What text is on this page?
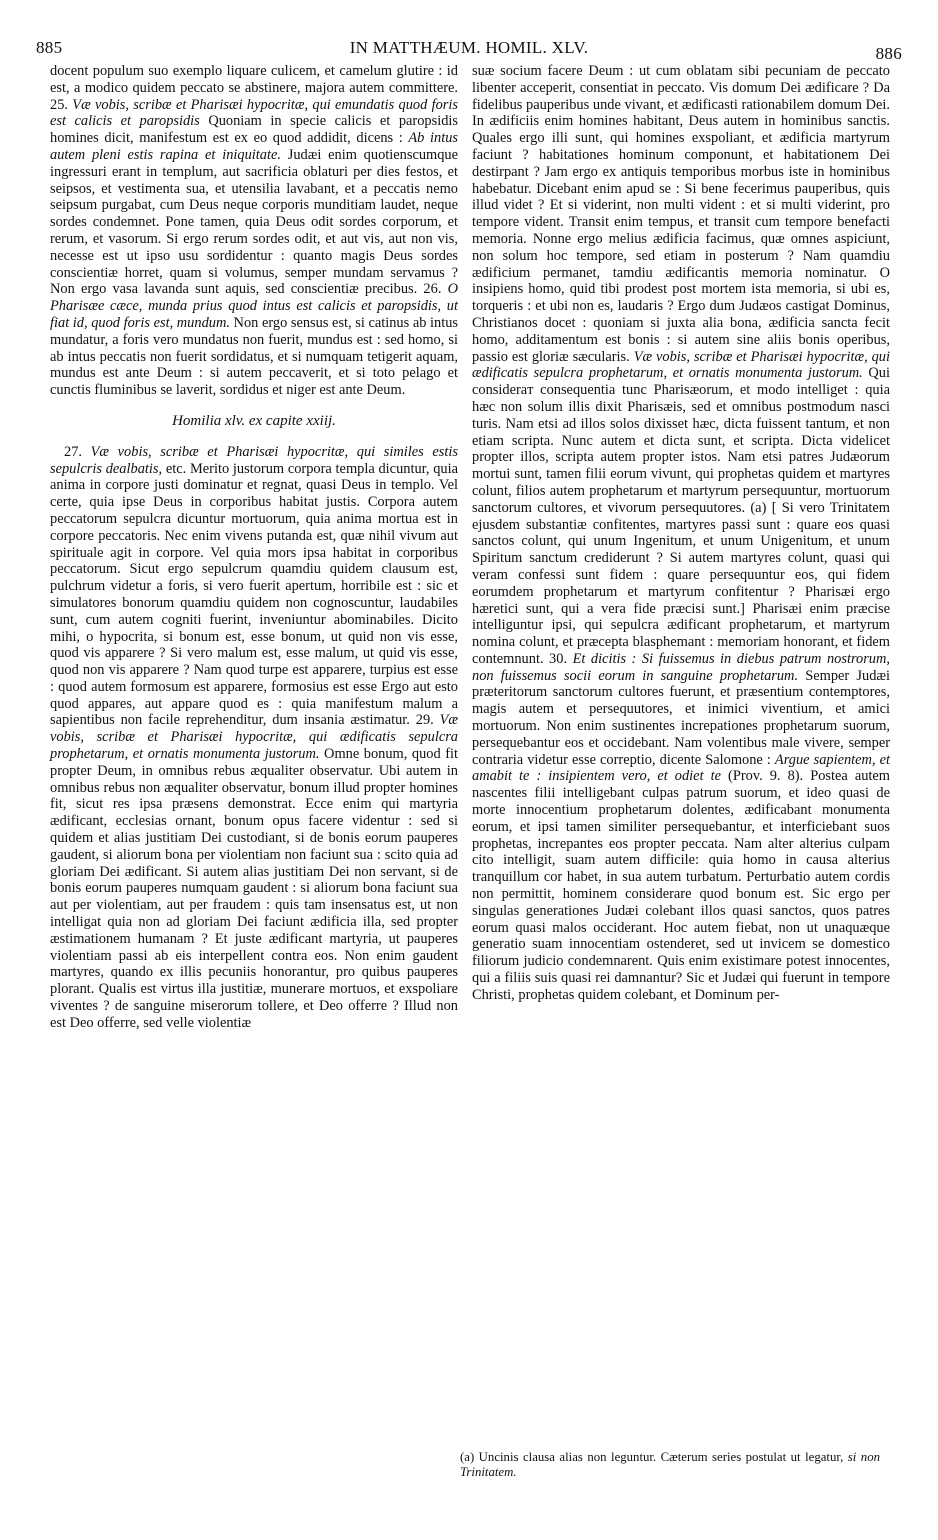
885	IN MATTHÆUM. HOMIL. XLV.	886

docent populum suo exemplo liquare culicem, et camelum glutire : id est, a modico quidem peccato se abstinere, majora autem committere. 25. Væ vobis, scribæ et Pharisæi hypocritæ, qui emundatis quod foris est calicis et paropsidis Quoniam in specie calicis et paropsidis homines dicit, manifestum est ex eo quod addidit, dicens : Ab intus autem pleni estis rapina et iniquitate. Judæi enim quotienscumque ingressuri erant in templum, aut sacrificia oblaturi per dies festos, et seipsos, et vestimenta sua, et utensilia lavabant, et a peccatis nemo seipsum purgabat, cum Deus neque corporis munditiam laudet, neque sordes condemnet. Pone tamen, quia Deus odit sordes corporum, et rerum, et vasorum. Si ergo rerum sordes odit, et aut vis, aut non vis, necesse est ut ipso usu sordidentur : quanto magis Deus sordes conscientiæ horret, quam si volumus, semper mundam servamus ? Non ergo vasa lavanda sunt aquis, sed conscientiæ precibus. 26. O Pharisæe cæce, munda prius quod intus est calicis et paropsidis, ut fiat id, quod foris est, mundum. Non ergo sensus est, si catinus ab intus mundatur, a foris vero mundatus non fuerit, mundus est : sed homo, si ab intus peccatis non fuerit sordidatus, et si numquam tetigerit aquam, mundus est ante Deum : si autem peccaverit, et si toto pelago et cunctis fluminibus se laverit, sordidus et niger est ante Deum.

Homilia xlv. ex capite xxiij.

27. Væ vobis, scribæ et Pharisæi hypocritæ, qui similes estis sepulcris dealbatis, etc. Merito justorum corpora templa dicuntur, quia anima in corpore justi dominatur et regnat, quasi Deus in templo. Vel certe, quia ipse Deus in corporibus habitat justis. Corpora autem peccatorum sepulcra dicuntur mortuorum, quia anima mortua est in corpore peccatoris. Nec enim vivens putanda est, quæ nihil vivum aut spirituale agit in corpore. Vel quia mors ipsa habitat in corporibus peccatorum. Sicut ergo sepulcrum quamdiu quidem clausum est, pulchrum videtur a foris, si vero fuerit apertum, horribile est : sic et simulatores bonorum quamdiu quidem non cognoscuntur, laudabiles sunt, cum autem cogniti fuerint, inveniuntur abominabiles. Dicito mihi, o hypocrita, si bonum est, esse bonum, ut quid non vis esse, quod vis apparere ? Si vero malum est, esse malum, ut quid vis esse, quod non vis apparere ? Nam quod turpe est apparere, turpius est esse : quod autem formosum est apparere, formosius est esse Ergo aut esto quod appares, aut appare quod es : quia manifestum malum a sapientibus non facile reprehenditur, dum insania æstimatur. 29. Væ vobis, scribæ et Pharisæi hypocritæ, qui ædificatis sepulcra prophetarum, et ornatis monumenta justorum. Omne bonum, quod fit propter Deum, in omnibus rebus æqualiter observatur. Ubi autem in omnibus rebus non æqualiter observatur, bonum illud propter homines fit, sicut res ipsa præsens demonstrat. Ecce enim qui martyria ædificant, ecclesias ornant, bonum opus facere videntur : sed si quidem et alias justitiam Dei custodiant, si de bonis eorum pauperes gaudent, si aliorum bona per violentiam non faciunt sua : scito quia ad gloriam Dei ædificant. Si autem alias justitiam Dei non servant, si de bonis eorum pauperes numquam gaudent : si aliorum bona faciunt sua aut per violentiam, aut per fraudem : quis tam insensatus est, ut non intelligat quia non ad gloriam Dei faciunt ædificia illa, sed propter æstimationem humanam ? Et juste ædificant martyria, ut pauperes violentiam passi ab eis interpellent contra eos. Non enim gaudent martyres, quando ex illis pecuniis honorantur, pro quibus pauperes plorant. Qualis est virtus illa justitiæ, munerare mortuos, et exspoliare viventes ? de sanguine miserorum tollere, et Deo offerre ? Illud non est Deo offerre, sed velle violentiæ

suæ socium facere Deum : ut cum oblatam sibi pecuniam de peccato libenter acceperit, consentiat in peccato. Vis domum Dei ædificare ? Da fidelibus pauperibus unde vivant, et ædificasti rationabilem domum Dei. In ædificiis enim homines habitant, Deus autem in hominibus sanctis. Quales ergo illi sunt, qui homines exspoliant, et ædificia martyrum faciunt ? habitationes hominum componunt, et habitationem Dei destirpant ? Jam ergo ex antiquis temporibus morbus iste in hominibus habebatur. Dicebant enim apud se : Si bene fecerimus pauperibus, quis illud videt ? Et si viderint, non multi vident : et si multi viderint, pro tempore vident. Transit enim tempus, et transit cum tempore benefacti memoria. Nonne ergo melius ædificia facimus, quæ omnes aspiciunt, non solum hoc tempore, sed etiam in posterum ? Nam quamdiu ædificium permanet, tamdiu ædificantis memoria nominatur. O insipiens homo, quid tibi prodest post mortem ista memoria, si ubi es, torqueris : et ubi non es, laudaris ? Ergo dum Judæos castigat Dominus, Christianos docet : quoniam si juxta alia bona, ædificia sancta fecit homo, additamentum est bonis : si autem sine aliis bonis operibus, passio est gloriæ sæcularis. Væ vobis, scribæ et Pharisæi hypocritæ, qui ædificatis sepulcra prophetarum, et ornatis monumenta justorum. Qui consideraт consequentia tunc Pharisæorum, et modo intelliget : quia hæc non solum illis dixit Pharisæis, sed et omnibus postmodum nasci turis. Nam etsi ad illos solos dixisset hæc, dicta fuissent tantum, et non etiam scripta. Nunc autem et dicta sunt, et scripta. Dicta videlicet propter illos, scripta autem propter istos. Nam etsi patres Judæorum mortui sunt, tamen filii eorum vivunt, qui prophetas quidem et martyres colunt, filios autem prophetarum et martyrum persequuntur, mortuorum sanctorum cultores, et vivorum persequutores. (a) [ Si vero Trinitatem ejusdem substantiæ confitentes, martyres passi sunt : quare eos quasi sanctos colunt, qui unum Ingenitum, et unum Unigenitum, et unum Spiritum sanctum crediderunt ? Si autem martyres colunt, quasi qui veram confessi sunt fidem : quare persequuntur eos, qui fidem eorumdem prophetarum et martyrum confitentur ? Pharisæi ergo hæretici sunt, qui a vera fide præcisi sunt.] Pharisæi enim præcise intelliguntur ipsi, qui sepulcra ædificant prophetarum, et martyrum nomina colunt, et præcepta blasphemant : memoriam honorant, et fidem contemnunt. 30. Et dicitis : Si fuissemus in diebus patrum nostrorum, non fuissemus socii eorum in sanguine prophetarum. Semper Judæi præteritorum sanctorum cultores fuerunt, et præsentium contemptores, magis autem et persequutores, et inimici viventium, et amici mortuorum. Non enim sustinentes increpationes prophetarum suorum, persequebantur eos et occidebant. Nam volentibus male vivere, semper contraria videtur esse correptio, dicente Salomone : Argue sapientem, et amabit te : insipientem vero, et odiet te (Prov. 9. 8). Postea autem nascentes filii intelligebant culpas patrum suorum, et ideo quasi de morte innocentium prophetarum dolentes, ædificabant monumenta eorum, et ipsi tamen similiter persequebantur, et interficiebant suos prophetas, increpantes eos propter peccata. Nam alter alterius culpam cito intelligit, suam autem difficile: quia homo in causa alterius tranquillum cor habet, in sua autem turbatum. Perturbatio autem cordis non permittit, hominem considerare quod bonum est. Sic ergo per singulas generationes Judæi colebant illos quasi sanctos, quos patres eorum quasi malos occiderant. Hoc autem fiebat, non ut unaquæque generatio suam innocentiam ostenderet, sed ut invicem se domestico filiorum judicio condemnarent. Quis enim existimare potest innocentes, qui a filiis suis quasi rei damnantur? Sic et Judæi qui fuerunt in tempore Christi, prophetas quidem colebant, et Dominum per-

(a) Uncinis clausa alias non leguntur. Cæterum series postulat ut legatur, si non Trinitatem.
